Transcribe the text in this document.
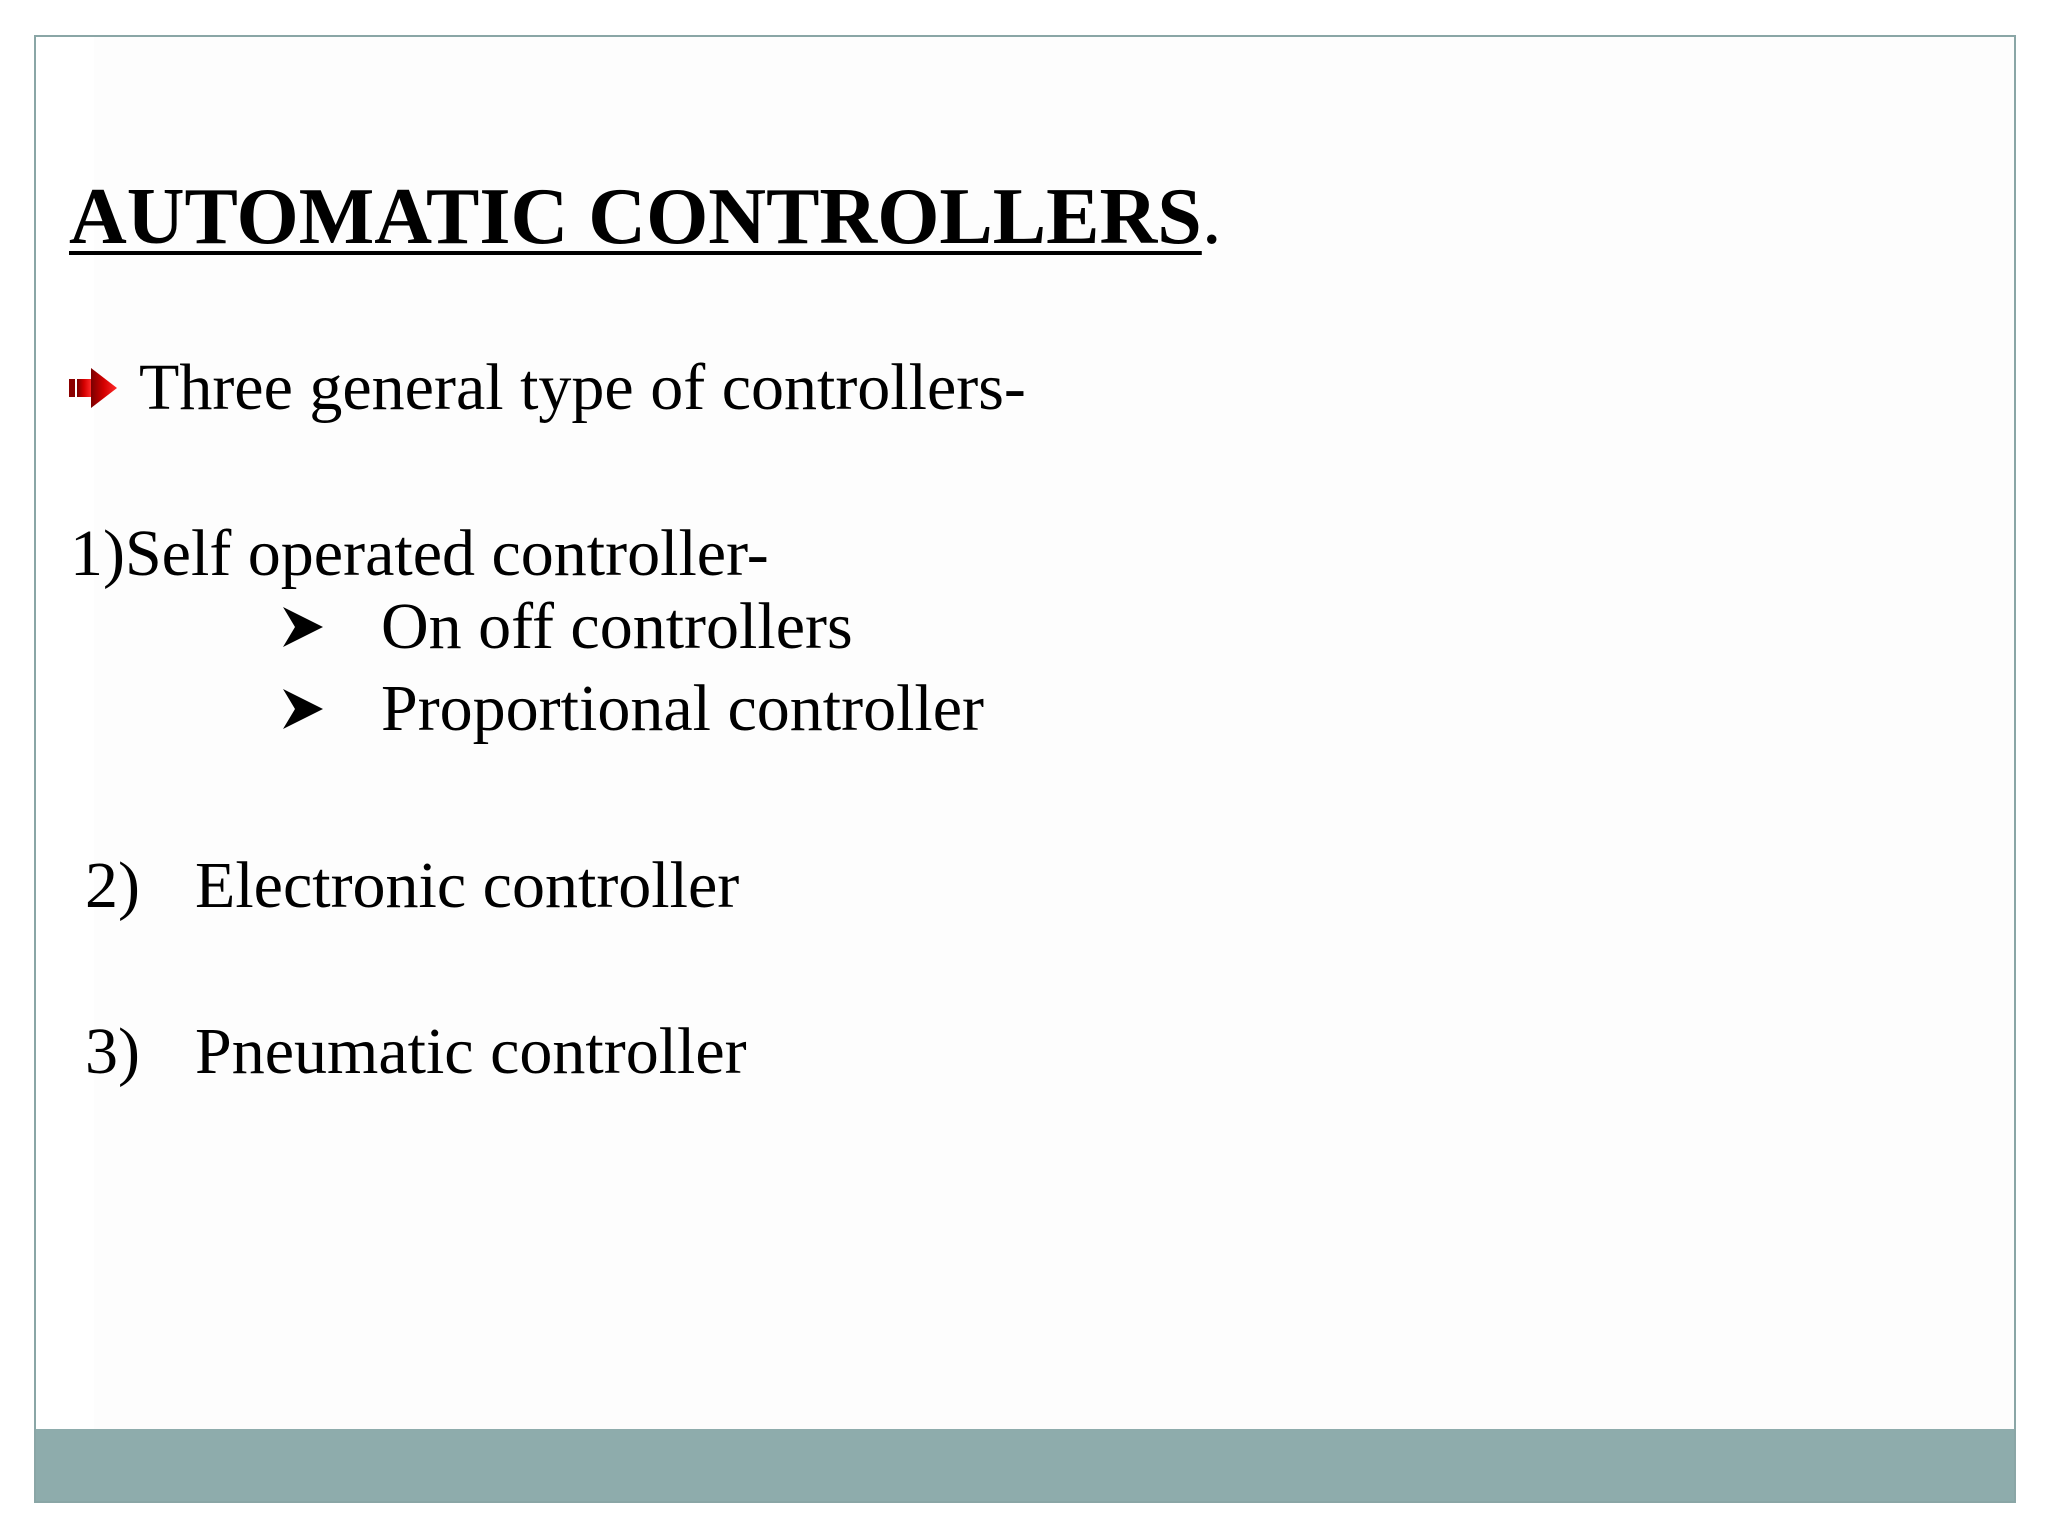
AUTOMATIC CONTROLLERS.
Three general type of controllers-
1)Self operated controller-
On off controllers
Proportional controller
2) Electronic controller
3) Pneumatic controller
